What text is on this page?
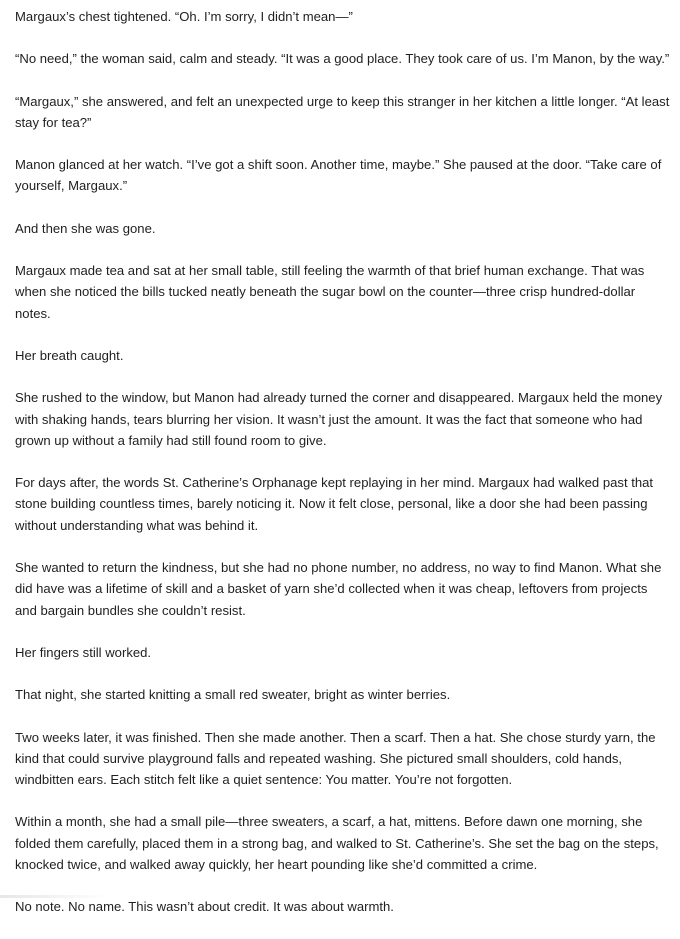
Margaux’s chest tightened. “Oh. I’m sorry, I didn’t mean—”

“No need,” the woman said, calm and steady. “It was a good place. They took care of us. I’m Manon, by the way.”

“Margaux,” she answered, and felt an unexpected urge to keep this stranger in her kitchen a little longer. “At least stay for tea?”

Manon glanced at her watch. “I’ve got a shift soon. Another time, maybe.” She paused at the door. “Take care of yourself, Margaux.”

And then she was gone.

Margaux made tea and sat at her small table, still feeling the warmth of that brief human exchange. That was when she noticed the bills tucked neatly beneath the sugar bowl on the counter—three crisp hundred-dollar notes.

Her breath caught.

She rushed to the window, but Manon had already turned the corner and disappeared. Margaux held the money with shaking hands, tears blurring her vision. It wasn’t just the amount. It was the fact that someone who had grown up without a family had still found room to give.

For days after, the words St. Catherine’s Orphanage kept replaying in her mind. Margaux had walked past that stone building countless times, barely noticing it. Now it felt close, personal, like a door she had been passing without understanding what was behind it.

She wanted to return the kindness, but she had no phone number, no address, no way to find Manon. What she did have was a lifetime of skill and a basket of yarn she’d collected when it was cheap, leftovers from projects and bargain bundles she couldn’t resist.

Her fingers still worked.

That night, she started knitting a small red sweater, bright as winter berries.

Two weeks later, it was finished. Then she made another. Then a scarf. Then a hat. She chose sturdy yarn, the kind that could survive playground falls and repeated washing. She pictured small shoulders, cold hands, windbitten ears. Each stitch felt like a quiet sentence: You matter. You’re not forgotten.

Within a month, she had a small pile—three sweaters, a scarf, a hat, mittens. Before dawn one morning, she folded them carefully, placed them in a strong bag, and walked to St. Catherine’s. She set the bag on the steps, knocked twice, and walked away quickly, her heart pounding like she’d committed a crime.

No note. No name. This wasn’t about credit. It was about warmth.
